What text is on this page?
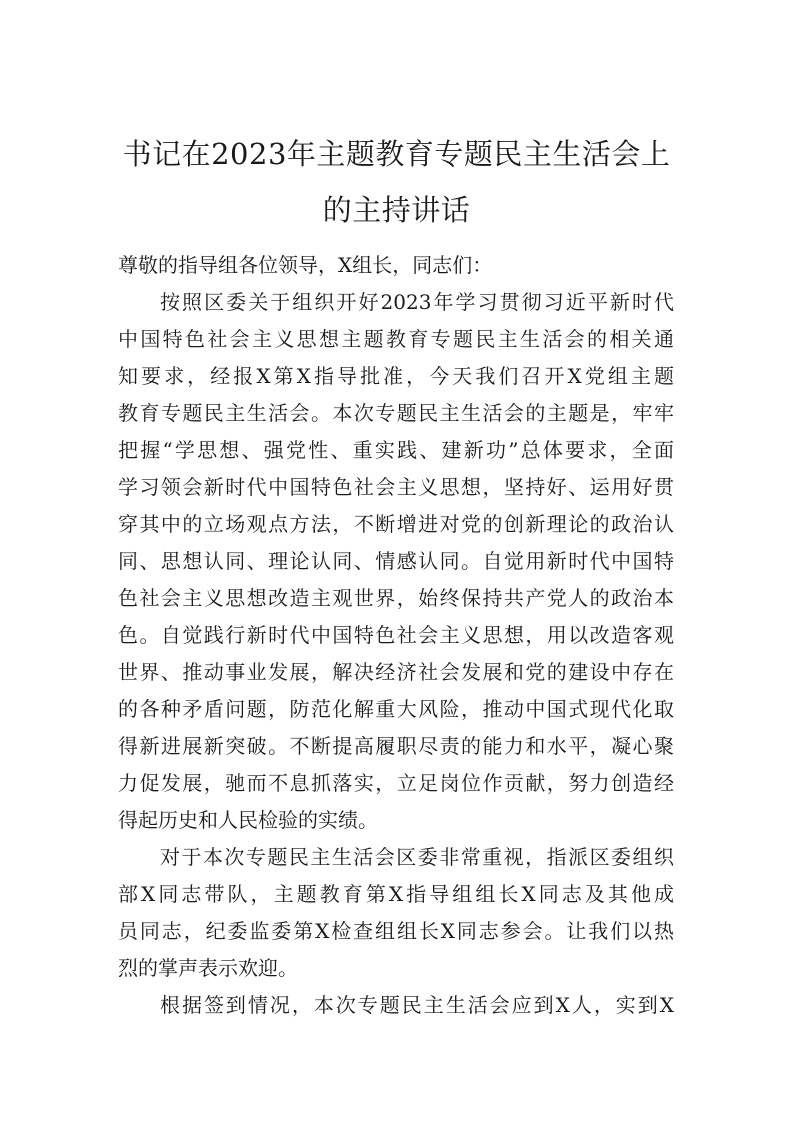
书记在2023年主题教育专题民主生活会上
的主持讲话
尊敬的指导组各位领导，X组长，同志们：
按照区委关于组织开好2023年学习贯彻习近平新时代
中国特色社会主义思想主题教育专题民主生活会的相关通
知要求，经报X第X指导批准，今天我们召开X党组主题
教育专题民主生活会。本次专题民主生活会的主题是，牢牢
把握“学思想、强党性、重实践、建新功”总体要求，全面
学习领会新时代中国特色社会主义思想，坚持好、运用好贯
穿其中的立场观点方法，不断增进对党的创新理论的政治认
同、思想认同、理论认同、情感认同。自觉用新时代中国特
色社会主义思想改造主观世界，始终保持共产党人的政治本
色。自觉践行新时代中国特色社会主义思想，用以改造客观
世界、推动事业发展，解决经济社会发展和党的建设中存在
的各种矛盾问题，防范化解重大风险，推动中国式现代化取
得新进展新突破。不断提高履职尽责的能力和水平，凝心聚
力促发展，驰而不息抓落实，立足岗位作贡献，努力创造经
得起历史和人民检验的实绩。
对于本次专题民主生活会区委非常重视，指派区委组织
部X同志带队，主题教育第X指导组组长X同志及其他成
员同志，纪委监委第X检查组组长X同志参会。让我们以热
烈的掌声表示欢迎。
根据签到情况，本次专题民主生活会应到X人，实到X
